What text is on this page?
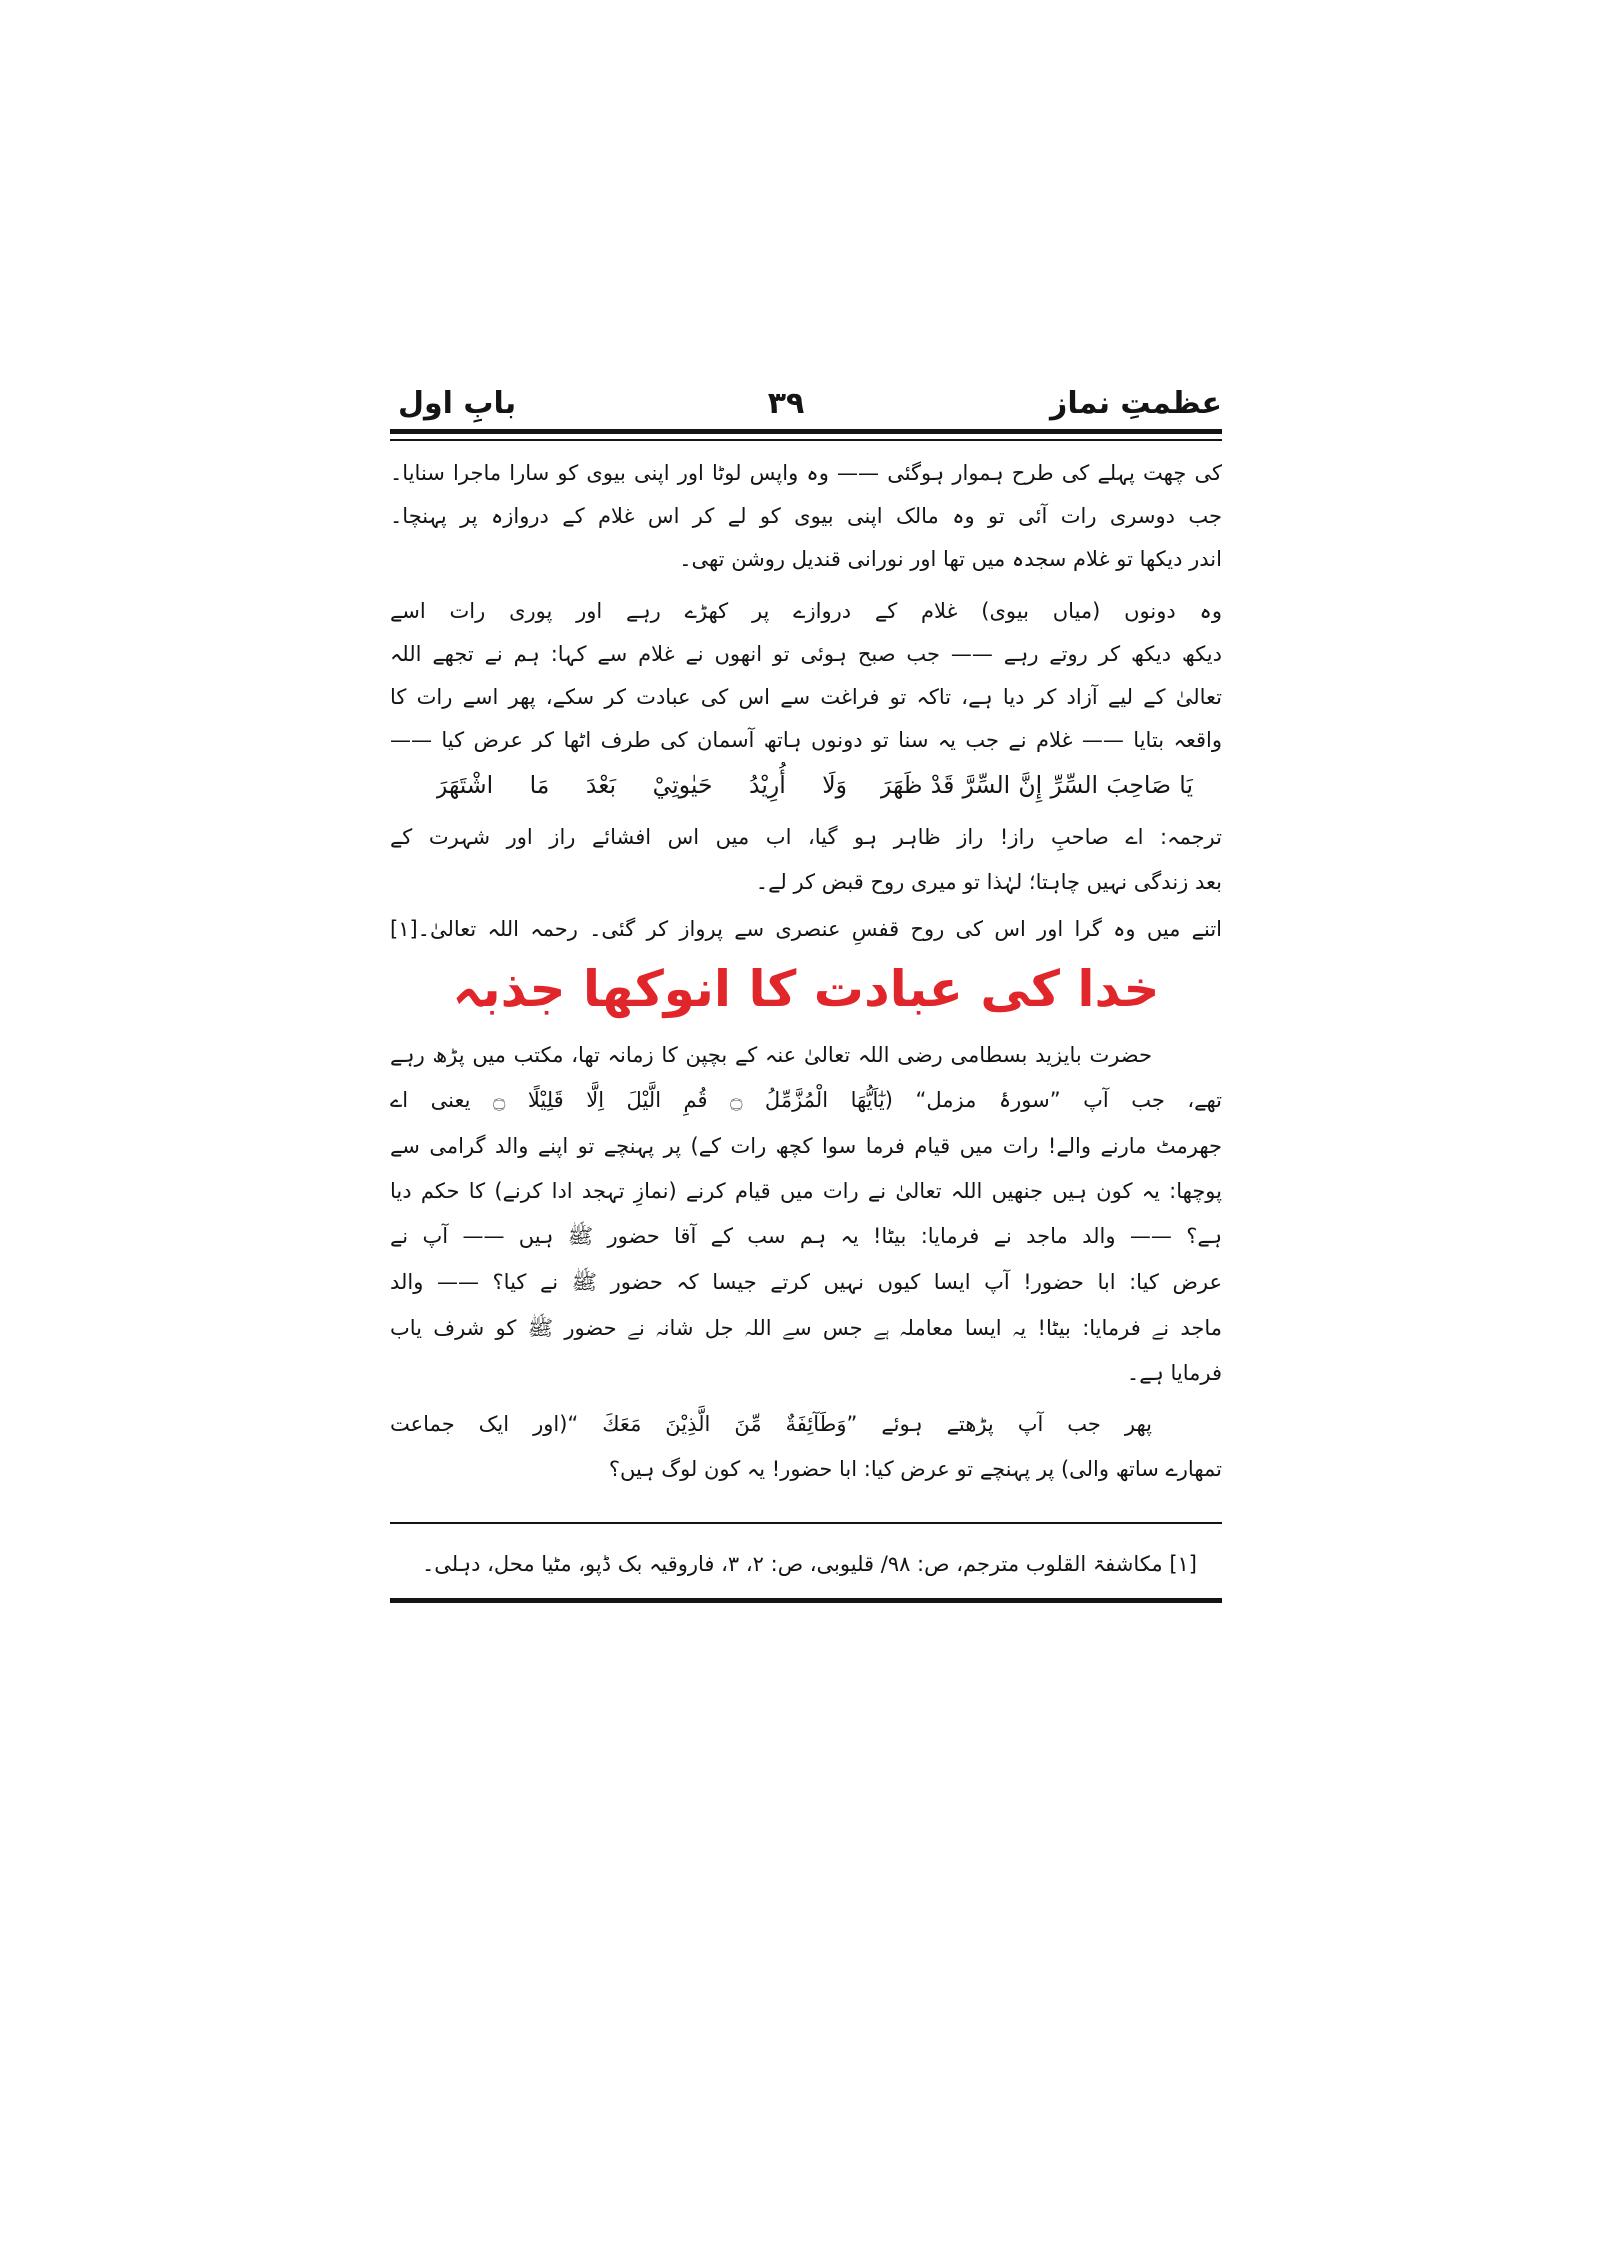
عظمتِ نماز
۳۹
بابِ اول
کی چھت پہلے کی طرح ہموار ہوگئی —— وہ واپس لوٹا اور اپنی بیوی کو سارا ماجرا سنایا۔
جب دوسری رات آئی تو وہ مالک اپنی بیوی کو لے کر اس غلام کے دروازہ پر پہنچا۔
اندر دیکھا تو غلام سجدہ میں تھا اور نورانی قندیل روشن تھی۔
وہ دونوں (میاں بیوی) غلام کے دروازے پر کھڑے رہے اور پوری رات اسے
دیکھ دیکھ کر روتے رہے —— جب صبح ہوئی تو انھوں نے غلام سے کہا: ہم نے تجھے اللہ
تعالیٰ کے لیے آزاد کر دیا ہے، تاکہ تو فراغت سے اس کی عبادت کر سکے، پھر اسے رات کا
واقعہ بتایا —— غلام نے جب یہ سنا تو دونوں ہاتھ آسمان کی طرف اٹھا کر عرض کیا ——
يَا صَاحِبَ السِّرِّ إِنَّ السِّرَّ قَدْ ظَهَرَ
وَلَا أُرِيْدُ حَيٰوتِيْ بَعْدَ مَا اشْتَهَرَ
ترجمہ: اے صاحبِ راز! راز ظاہر ہو گیا، اب میں اس افشائے راز اور شہرت کے
بعد زندگی نہیں چاہتا؛ لہٰذا تو میری روح قبض کر لے۔
اتنے میں وہ گرا اور اس کی روح قفسِ عنصری سے پرواز کر گئی۔ رحمہ اللہ تعالیٰ۔[۱]
خدا کی عبادت کا انوکھا جذبہ
حضرت بایزید بسطامی رضی اللہ تعالیٰ عنہ کے بچپن کا زمانہ تھا، مکتب میں پڑھ رہے
تھے، جب آپ ”سورۂ مزمل“ (يٰٓاَيُّهَا الْمُزَّمِّلُ ۝ قُمِ الَّيْلَ اِلَّا قَلِيْلًا ۝ یعنی اے
جھرمٹ مارنے والے! رات میں قیام فرما سوا کچھ رات کے) پر پہنچے تو اپنے والد گرامی سے
پوچھا: یہ کون ہیں جنھیں اللہ تعالیٰ نے رات میں قیام کرنے (نمازِ تہجد ادا کرنے) کا حکم دیا
ہے؟ —— والد ماجد نے فرمایا: بیٹا! یہ ہم سب کے آقا حضور ﷺ ہیں —— آپ نے
عرض کیا: ابا حضور! آپ ایسا کیوں نہیں کرتے جیسا کہ حضور ﷺ نے کیا؟ —— والد
ماجد نے فرمایا: بیٹا! یہ ایسا معاملہ ہے جس سے اللہ جل شانہ نے حضور ﷺ کو شرف یاب
فرمایا ہے۔
پھر جب آپ پڑھتے ہوئے ”وَطَآئِفَةٌ مِّنَ الَّذِيْنَ مَعَكَ “(اور ایک جماعت
تمھارے ساتھ والی) پر پہنچے تو عرض کیا: ابا حضور! یہ کون لوگ ہیں؟
[۱] مکاشفۃ القلوب مترجم، ص: ۹۸/ قلیوبی، ص: ۲، ۳، فاروقیہ بک ڈپو، مٹیا محل، دہلی۔
